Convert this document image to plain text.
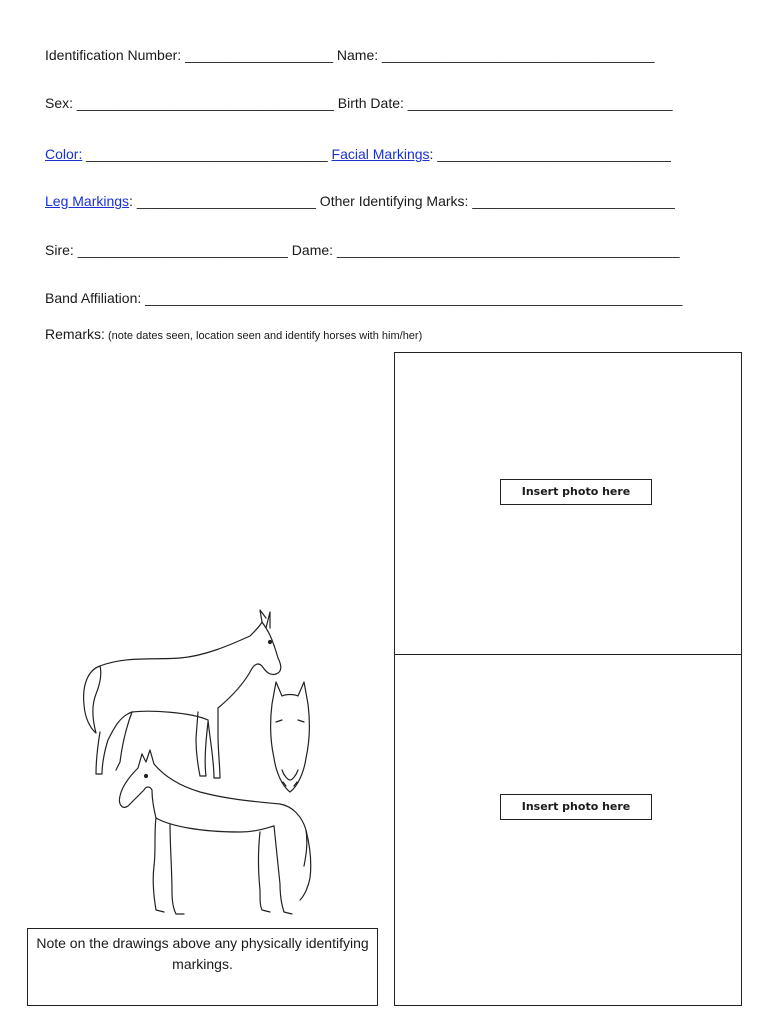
Identification Number: ___________________ Name: ___________________________________
Sex: _________________________________ Birth Date: __________________________________
Color: _______________________________ Facial Markings: ______________________________
Leg Markings: _______________________ Other Identifying Marks: __________________________
Sire: ___________________________ Dame: ____________________________________________
Band Affiliation: _____________________________________________________________________
Remarks: (note dates seen, location seen and identify horses with him/her)
Insert photo here
Insert photo here
Note on the drawings above any physically identifying markings.
